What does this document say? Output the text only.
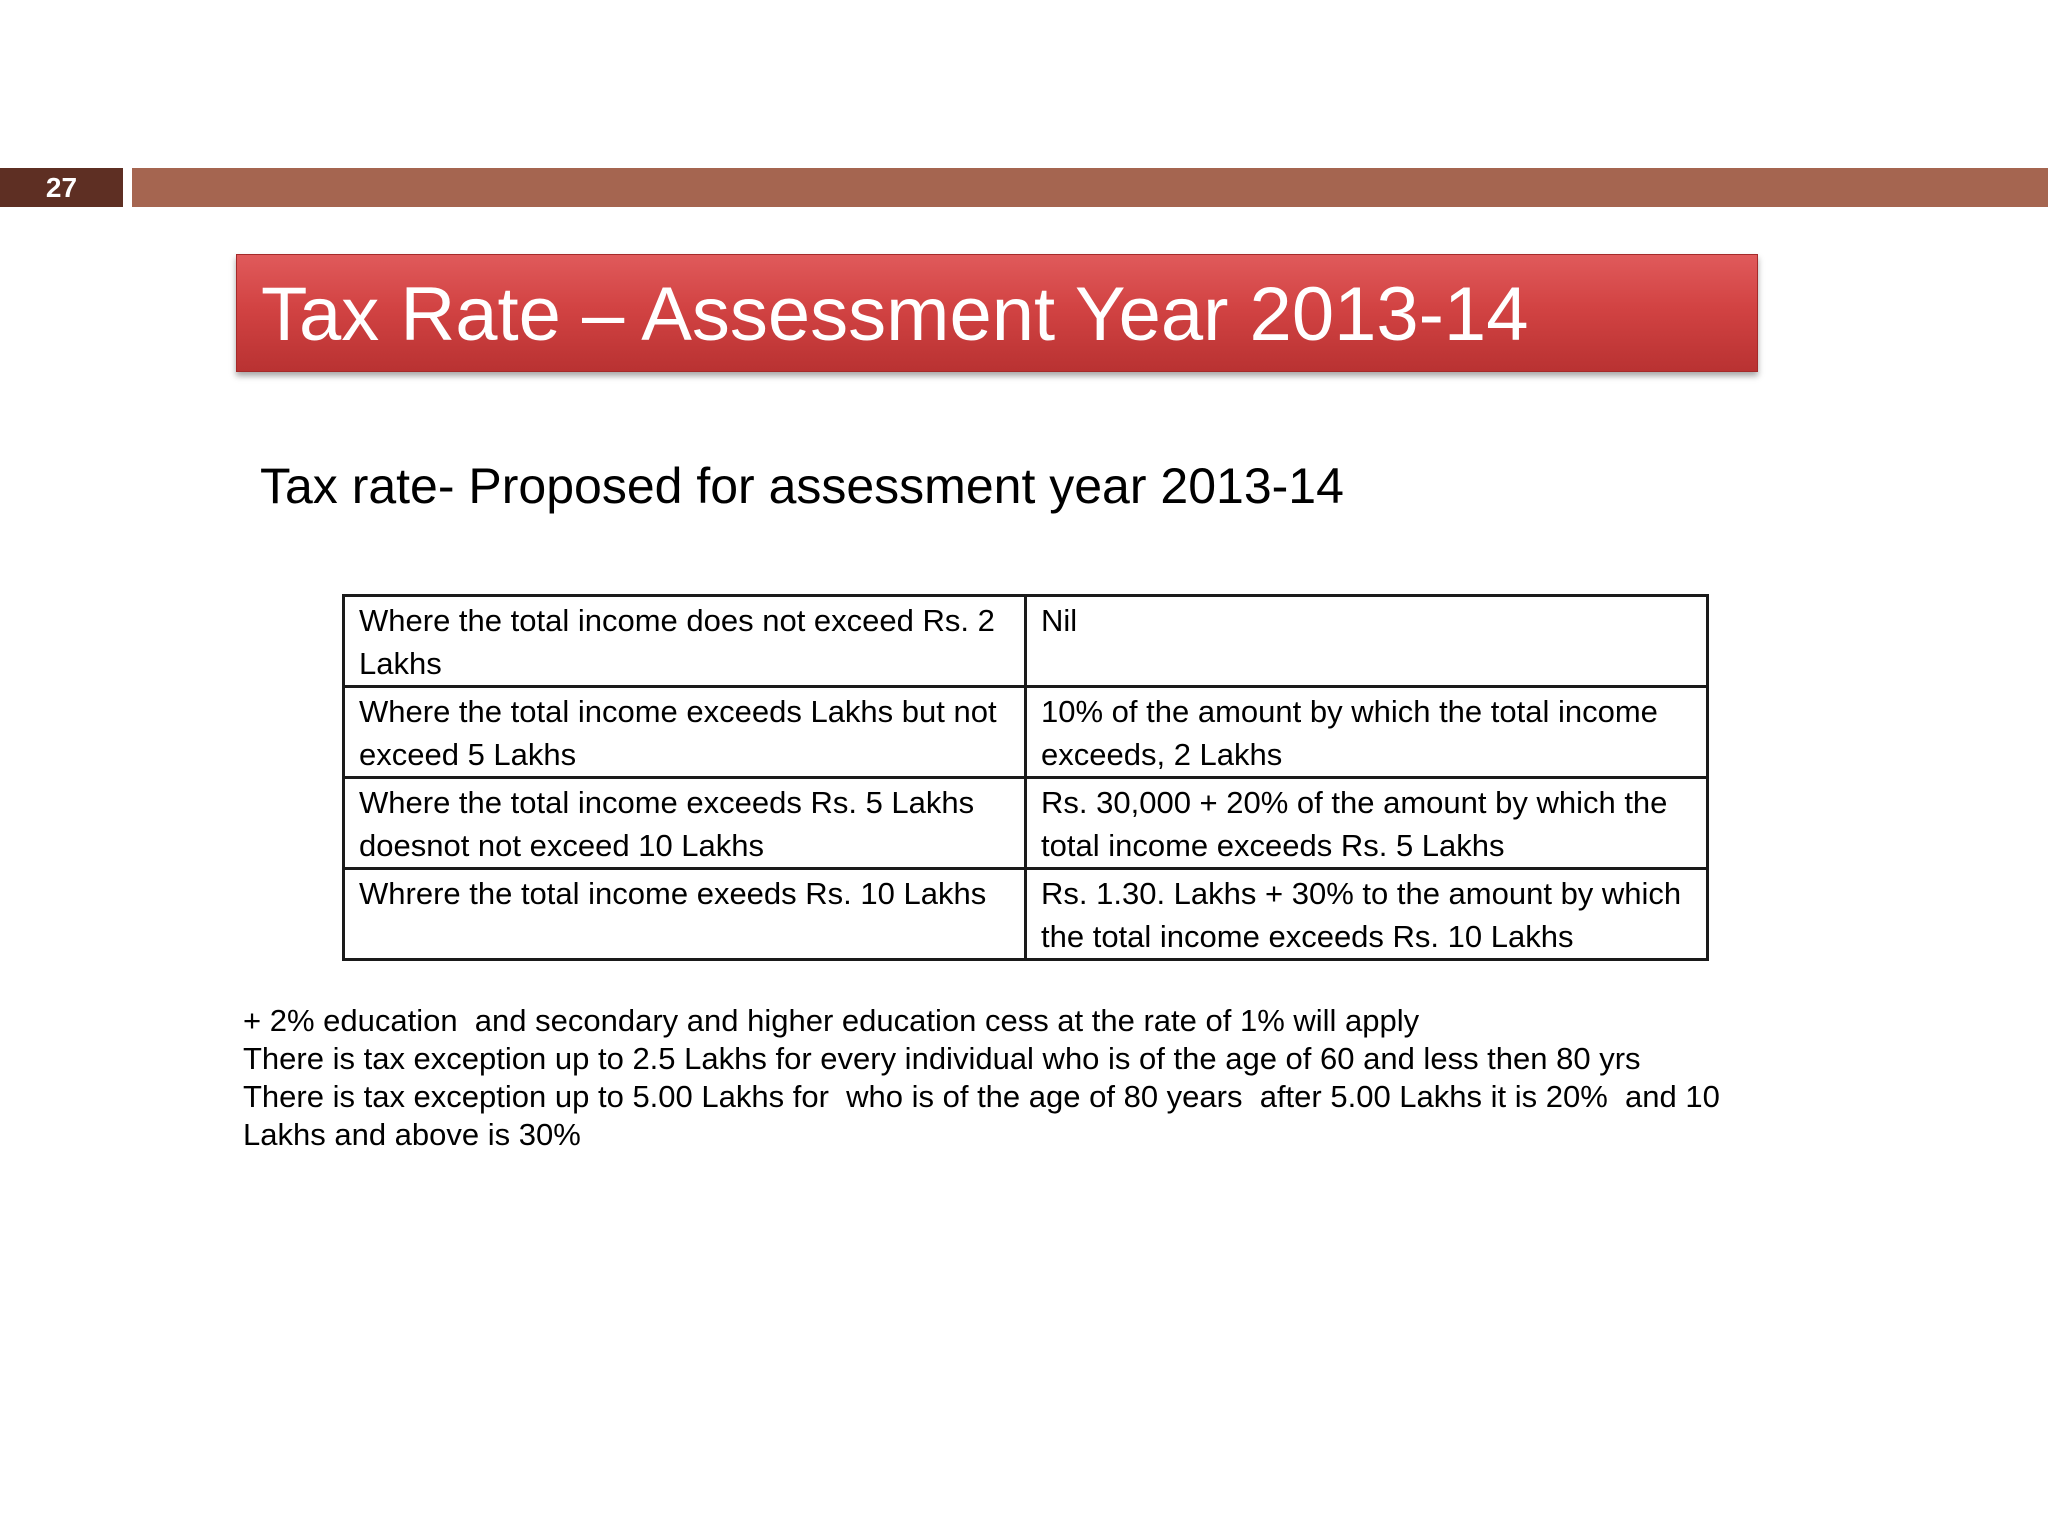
27
Tax Rate – Assessment Year 2013-14
Tax rate- Proposed for assessment year 2013-14
Where the total income does not exceed Rs. 2 Lakhs	Nil
Where the total income exceeds Lakhs but not exceed 5 Lakhs	10% of the amount by which the total income exceeds, 2 Lakhs
Where the total income exceeds Rs. 5 Lakhs doesnot not exceed 10 Lakhs	Rs. 30,000 + 20% of the amount by which the total income exceeds Rs. 5 Lakhs
Whrere the total income exeeds Rs. 10 Lakhs	Rs. 1.30. Lakhs + 30% to the amount by which the total income exceeds Rs. 10 Lakhs
+ 2% education  and secondary and higher education cess at the rate of 1% will apply
There is tax exception up to 2.5 Lakhs for every individual who is of the age of 60 and less then 80 yrs
There is tax exception up to 5.00 Lakhs for  who is of the age of 80 years  after 5.00 Lakhs it is 20%  and 10 Lakhs and above is 30%
